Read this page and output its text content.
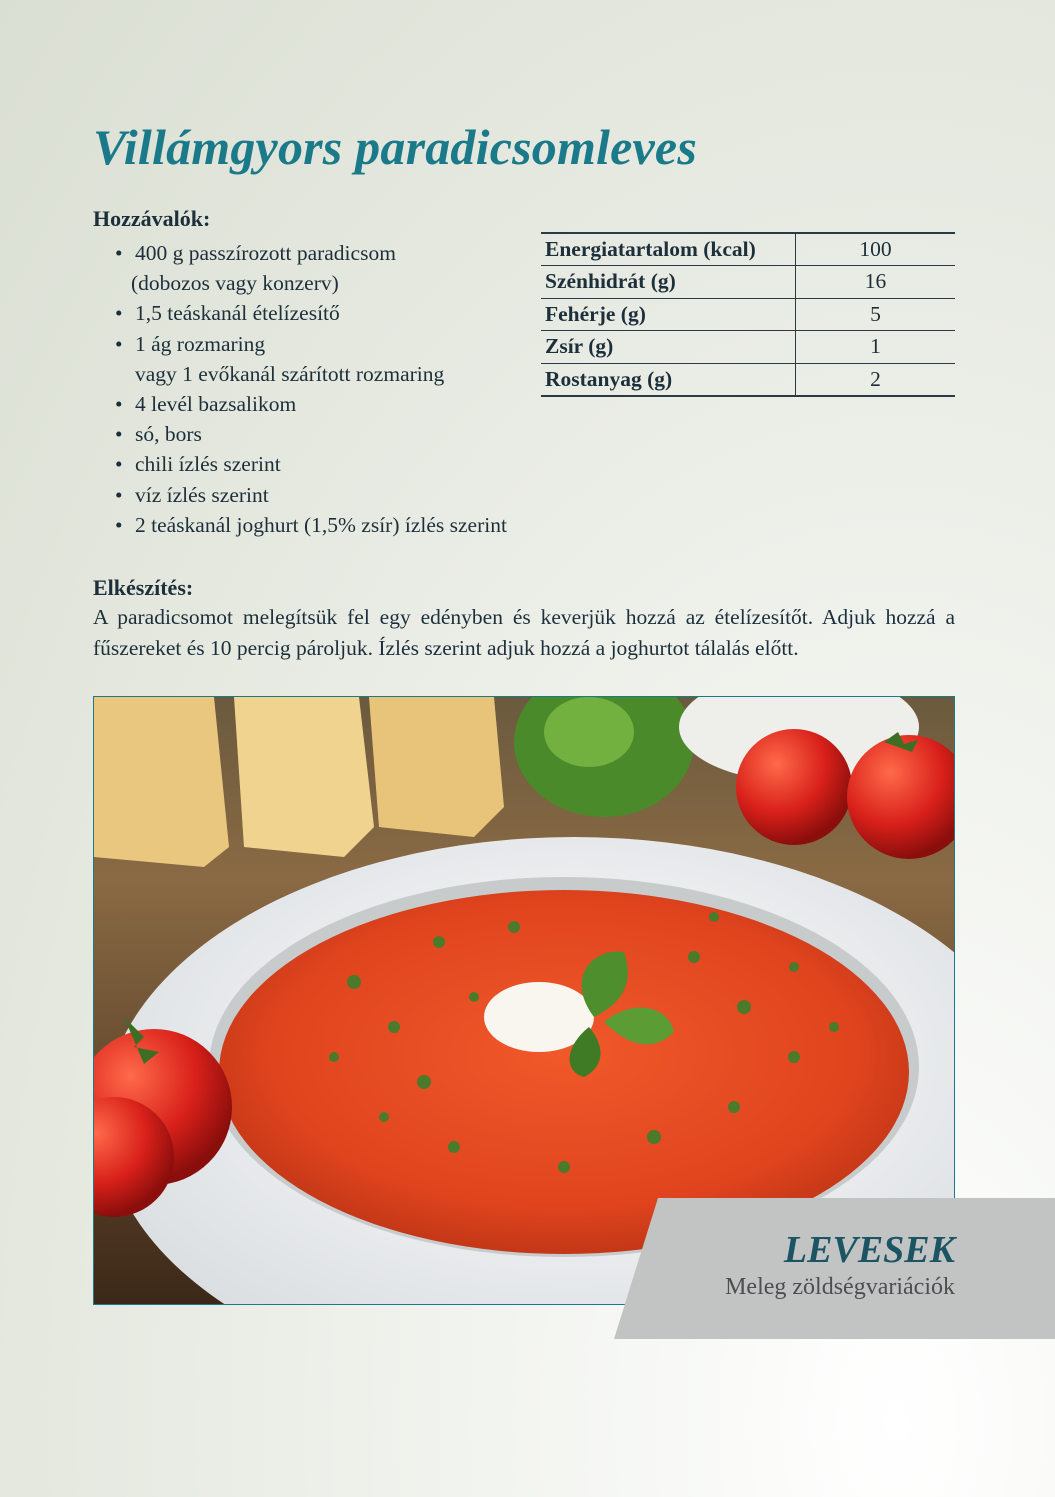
Villámgyors paradicsomleves
Hozzávalók:
• 400 g passzírozott paradicsom
(dobozos vagy konzerv)
• 1,5 teáskanál ételízesítő
• 1 ág rozmaring
vagy 1 evőkanál szárított rozmaring
• 4 levél bazsalikom
• só, bors
• chili ízlés szerint
• víz ízlés szerint
• 2 teáskanál joghurt (1,5% zsír) ízlés szerint
Energiatartalom (kcal)	100
Szénhidrát (g)	16
Fehérje (g)	5
Zsír (g)	1
Rostanyag (g)	2
Elkészítés:

A paradicsomot melegítsük fel egy edényben és keverjük hozzá az ételízesítőt. Adjuk hozzá a fűszereket és 10 percig pároljuk. Ízlés szerint adjuk hozzá a joghurtot tálalás előtt.

LEVESEK
Meleg zöldségvariációk
